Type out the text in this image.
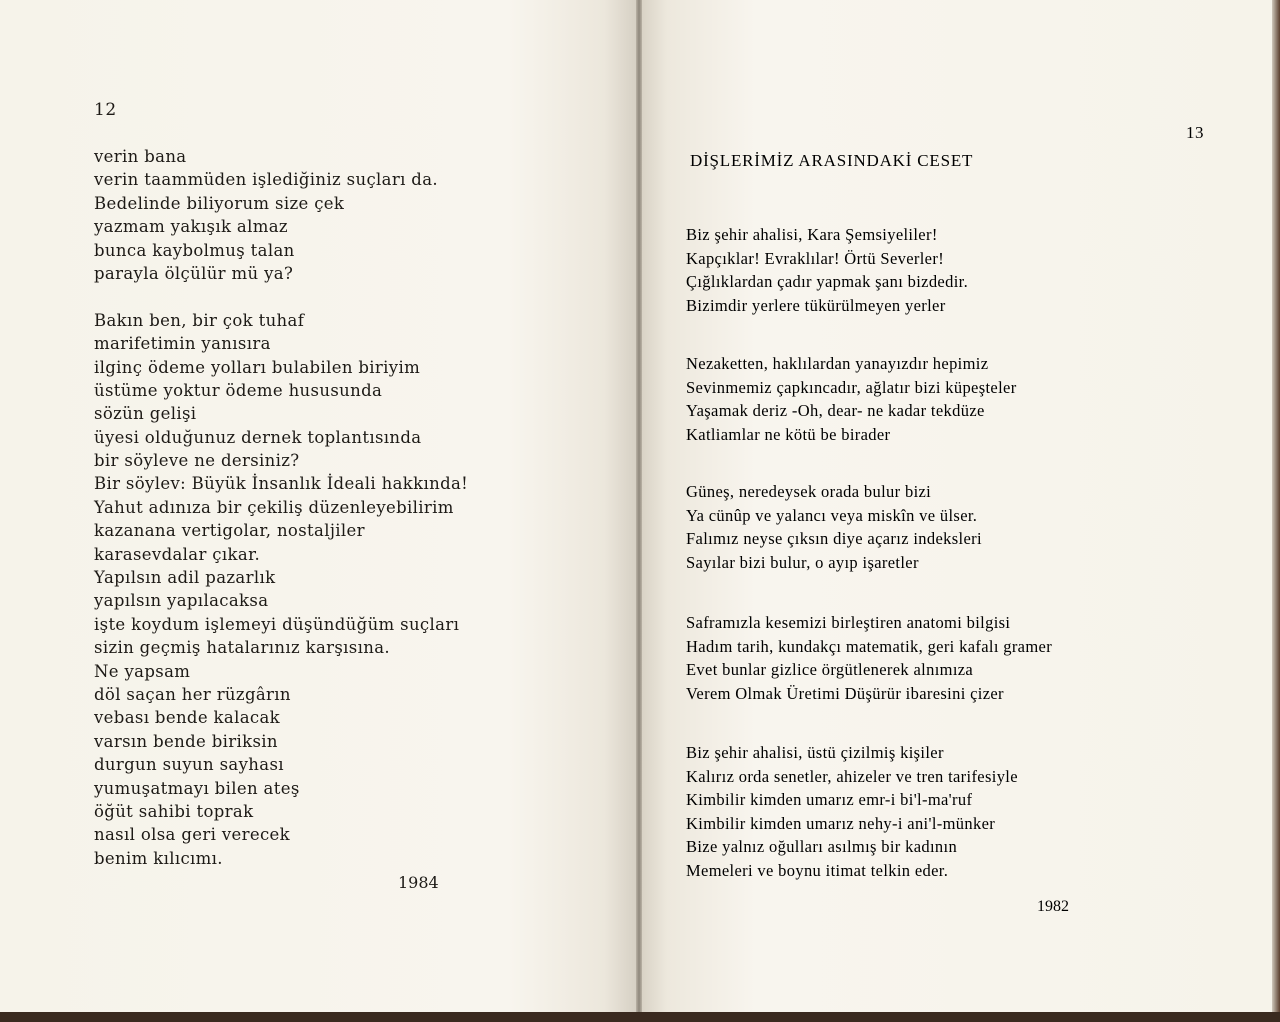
12
verin bana
verin taammüden işlediğiniz suçları da.
Bedelinde biliyorum size çek
yazmam yakışık almaz
bunca kaybolmuş talan
parayla ölçülür mü ya?
Bakın ben, bir çok tuhaf
marifetimin yanısıra
ilginç ödeme yolları bulabilen biriyim
üstüme yoktur ödeme hususunda
sözün gelişi
üyesi olduğunuz dernek toplantısında
bir söyleve ne dersiniz?
Bir söylev: Büyük İnsanlık İdeali hakkında!
Yahut adınıza bir çekiliş düzenleyebilirim
kazanana vertigolar, nostaljiler
karasevdalar çıkar.
Yapılsın adil pazarlık
yapılsın yapılacaksa
işte koydum işlemeyi düşündüğüm suçları
sizin geçmiş hatalarınız karşısına.
Ne yapsam
döl saçan her rüzgârın
vebası bende kalacak
varsın bende biriksin
durgun suyun sayhası
yumuşatmayı bilen ateş
öğüt sahibi toprak
nasıl olsa geri verecek
benim kılıcımı.
1984
13
DİŞLERİMİZ ARASINDAKİ CESET
Biz şehir ahalisi, Kara Şemsiyeliler!
Kapçıklar! Evraklılar! Örtü Severler!
Çığlıklardan çadır yapmak şanı bizdedir.
Bizimdir yerlere tükürülmeyen yerler
Nezaketten, haklılardan yanayızdır hepimiz
Sevinmemiz çapkıncadır, ağlatır bizi küpeşteler
Yaşamak deriz -Oh, dear- ne kadar tekdüze
Katliamlar ne kötü be birader
Güneş, neredeysek orada bulur bizi
Ya cünûp ve yalancı veya miskîn ve ülser.
Falımız neyse çıksın diye açarız indeksleri
Sayılar bizi bulur, o ayıp işaretler
Saframızla kesemizi birleştiren anatomi bilgisi
Hadım tarih, kundakçı matematik, geri kafalı gramer
Evet bunlar gizlice örgütlenerek alnımıza
Verem Olmak Üretimi Düşürür ibaresini çizer
Biz şehir ahalisi, üstü çizilmiş kişiler
Kalırız orda senetler, ahizeler ve tren tarifesiyle
Kimbilir kimden umarız emr-i bi'l-ma'ruf
Kimbilir kimden umarız nehy-i ani'l-münker
Bize yalnız oğulları asılmış bir kadının
Memeleri ve boynu itimat telkin eder.
1982
